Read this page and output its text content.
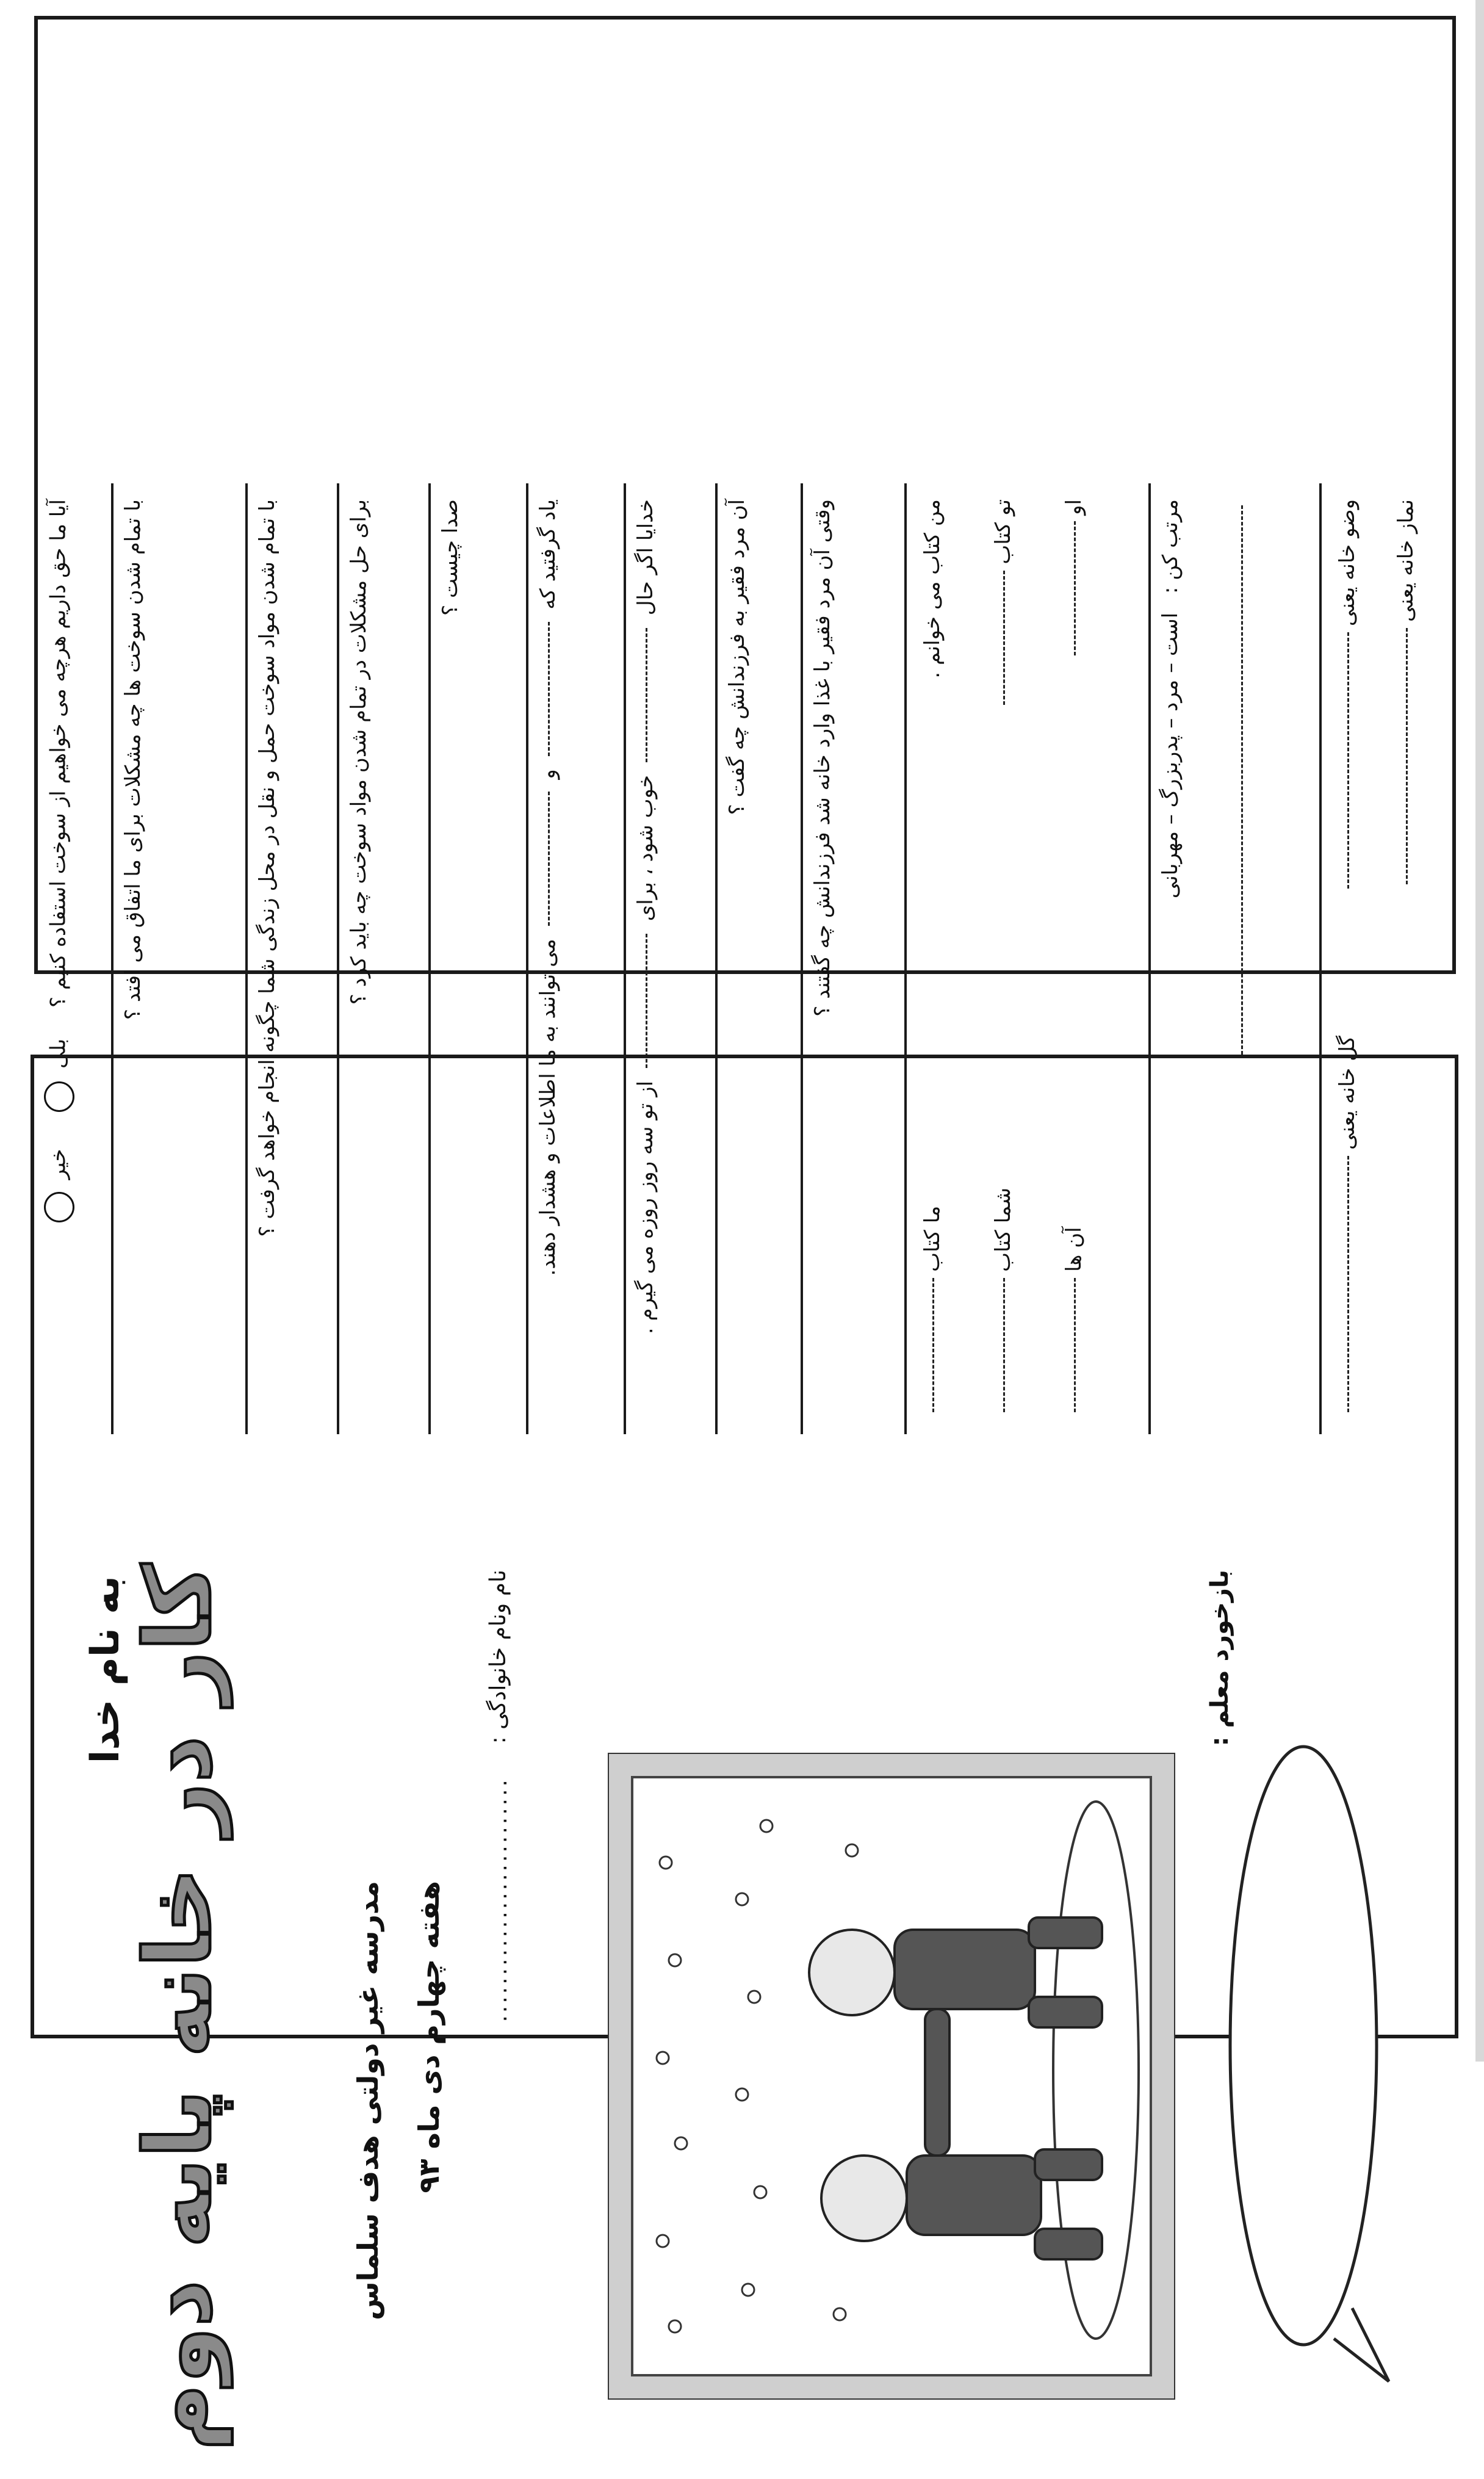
آیا ما حق داریم هرچه می خواهیم از سوخت استفاده کنیم ؟ بلی  خیر
با تمام شدن سوخت ها چه مشکلات برای ما اتفاق می افتد ؟	با تمام شدن مواد سوخت حمل و نقل در محل زندگی شما چگونه انجام خواهد گرفت ؟	برای حل مشکلات در تمام شدن مواد سوخت چه باید کرد ؟	صدا چیست ؟	یاد گرفتید که  و  می توانند به ما اطلاعات و هشدار دهند.
خدایا اگر حال  خوب شود ، برای  از تو سه روز روزه می گیرم .
آن مرد فقیر به فرزندانش چه گفت ؟	وقتی آن مرد فقیر با غذا وارد خانه شد فرزندانش چه گفتند ؟	من کتاب می خوانم .
ما کتاب
تو کتاب
شما کتاب
او
آن ها
مرتب کن : است – مرد – پدربزرگ – مهربانی
وضو خانه یعنی
گل خانه یعنی
نماز خانه یعنی
به نام خدا
کار در خانه پایه دوم	مدرسه غیر دولتی هدف سلماس هفته چهارم دی ماه ۹۳
نام ونام خانوادگی :
..........................
بازخورد معلم :
